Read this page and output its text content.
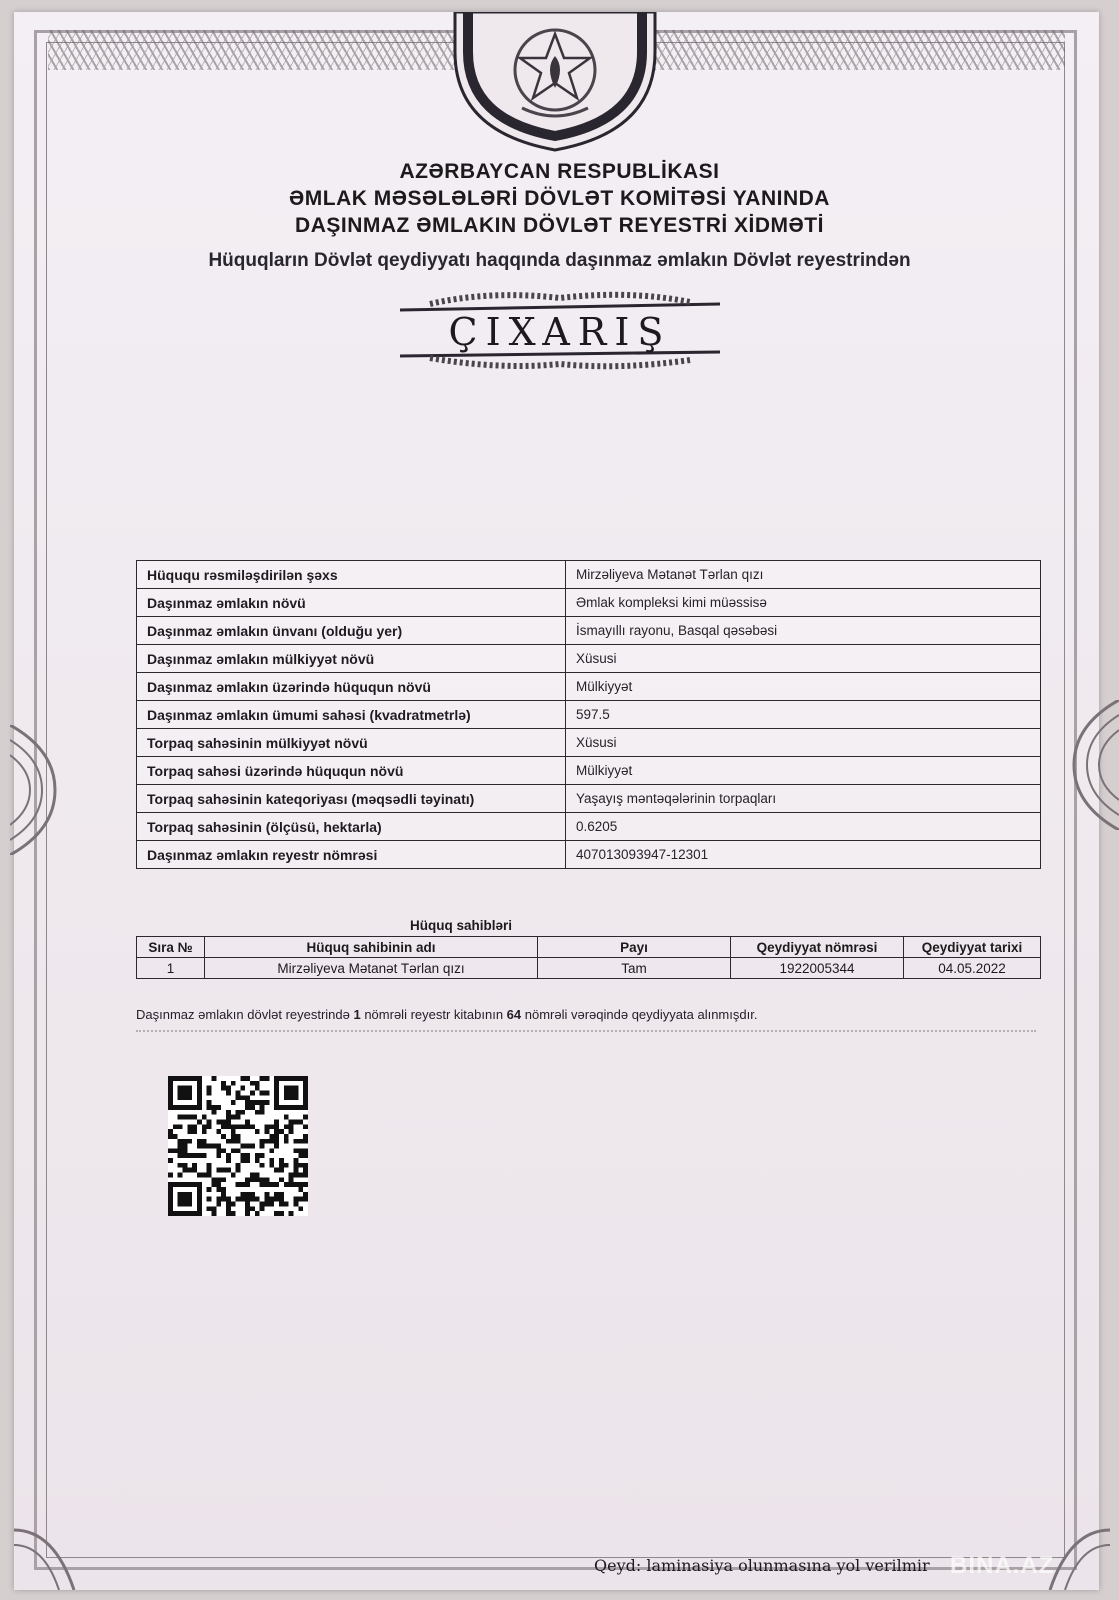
AZƏRBAYCAN RESPUBLİKASI
ƏMLAK MƏSƏLƏLƏRİ DÖVLƏT KOMİTƏSİ YANINDA
DAŞINMAZ ƏMLAKIN DÖVLƏT REYESTRİ XİDMƏTİ
Hüquqların Dövlət qeydiyyatı haqqında daşınmaz əmlakın Dövlət reyestrindən
ÇIXARIŞ
Hüququ rəsmiləşdirilən şəxs	Mirzəliyeva Mətanət Tərlan qızı
Daşınmaz əmlakın növü	Əmlak kompleksi kimi müəssisə
Daşınmaz əmlakın ünvanı (olduğu yer)	İsmayıllı rayonu, Basqal qəsəbəsi
Daşınmaz əmlakın mülkiyyət növü	Xüsusi
Daşınmaz əmlakın üzərində hüququn növü	Mülkiyyət
Daşınmaz əmlakın ümumi sahəsi (kvadratmetrlə)	597.5
Torpaq sahəsinin mülkiyyət növü	Xüsusi
Torpaq sahəsi üzərində hüququn növü	Mülkiyyət
Torpaq sahəsinin kateqoriyası (məqsədli təyinatı)	Yaşayış məntəqələrinin torpaqları
Torpaq sahəsinin (ölçüsü, hektarla)	0.6205
Daşınmaz əmlakın reyestr nömrəsi	407013093947-12301
Hüquq sahibləri
Sıra №	Hüquq sahibinin adı	Payı	Qeydiyyat nömrəsi	Qeydiyyat tarixi
1	Mirzəliyeva Mətanət Tərlan qızı	Tam	1922005344	04.05.2022
Daşınmaz əmlakın dövlət reyestrində 1 nömrəli reyestr kitabının 64 nömrəli vərəqində qeydiyyata alınmışdır.
Qeyd: laminasiya olunmasına yol verilmir BINA.AZ
